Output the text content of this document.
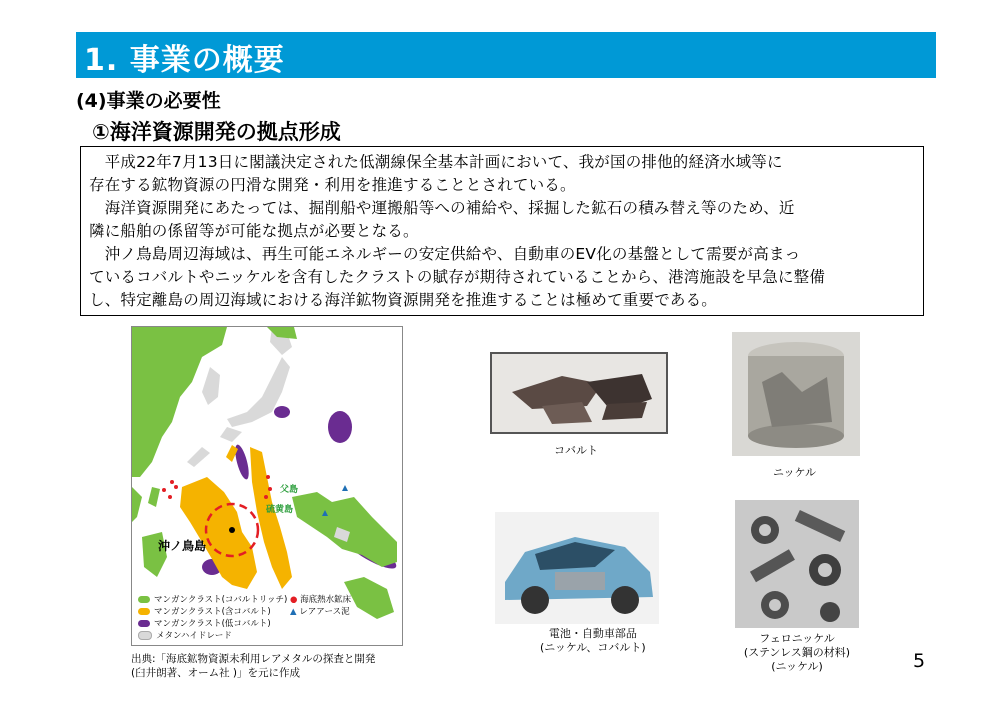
1. 事業の概要
(4)事業の必要性
①海洋資源開発の拠点形成
　平成22年7月13日に閣議決定された低潮線保全基本計画において、我が国の排他的経済水域等に
存在する鉱物資源の円滑な開発・利用を推進することとされている。
　海洋資源開発にあたっては、掘削船や運搬船等への補給や、採掘した鉱石の積み替え等のため、近
隣に船舶の係留等が可能な拠点が必要となる。
　沖ノ鳥島周辺海域は、再生可能エネルギーの安定供給や、自動車のEV化の基盤として需要が高まっ
ているコバルトやニッケルを含有したクラストの賦存が期待されていることから、港湾施設を早急に整備
し、特定離島の周辺海域における海洋鉱物資源開発を推進することは極めて重要である。
沖ノ鳥島
父島
硫黄島
マンガンクラスト(コバルトリッチ)
マンガンクラスト(含コバルト)
マンガンクラスト(低コバルト)
メタンハイドレード
● 海底熱水鉱床
▲ レアアース泥
出典:「海底鉱物資源未利用レアメタルの探査と開発
(臼井朗著、オーム社 )」を元に作成
コバルト
ニッケル
電池・自動車部品
(ニッケル、コバルト)
フェロニッケル
(ステンレス鋼の材料)
(ニッケル)	5
